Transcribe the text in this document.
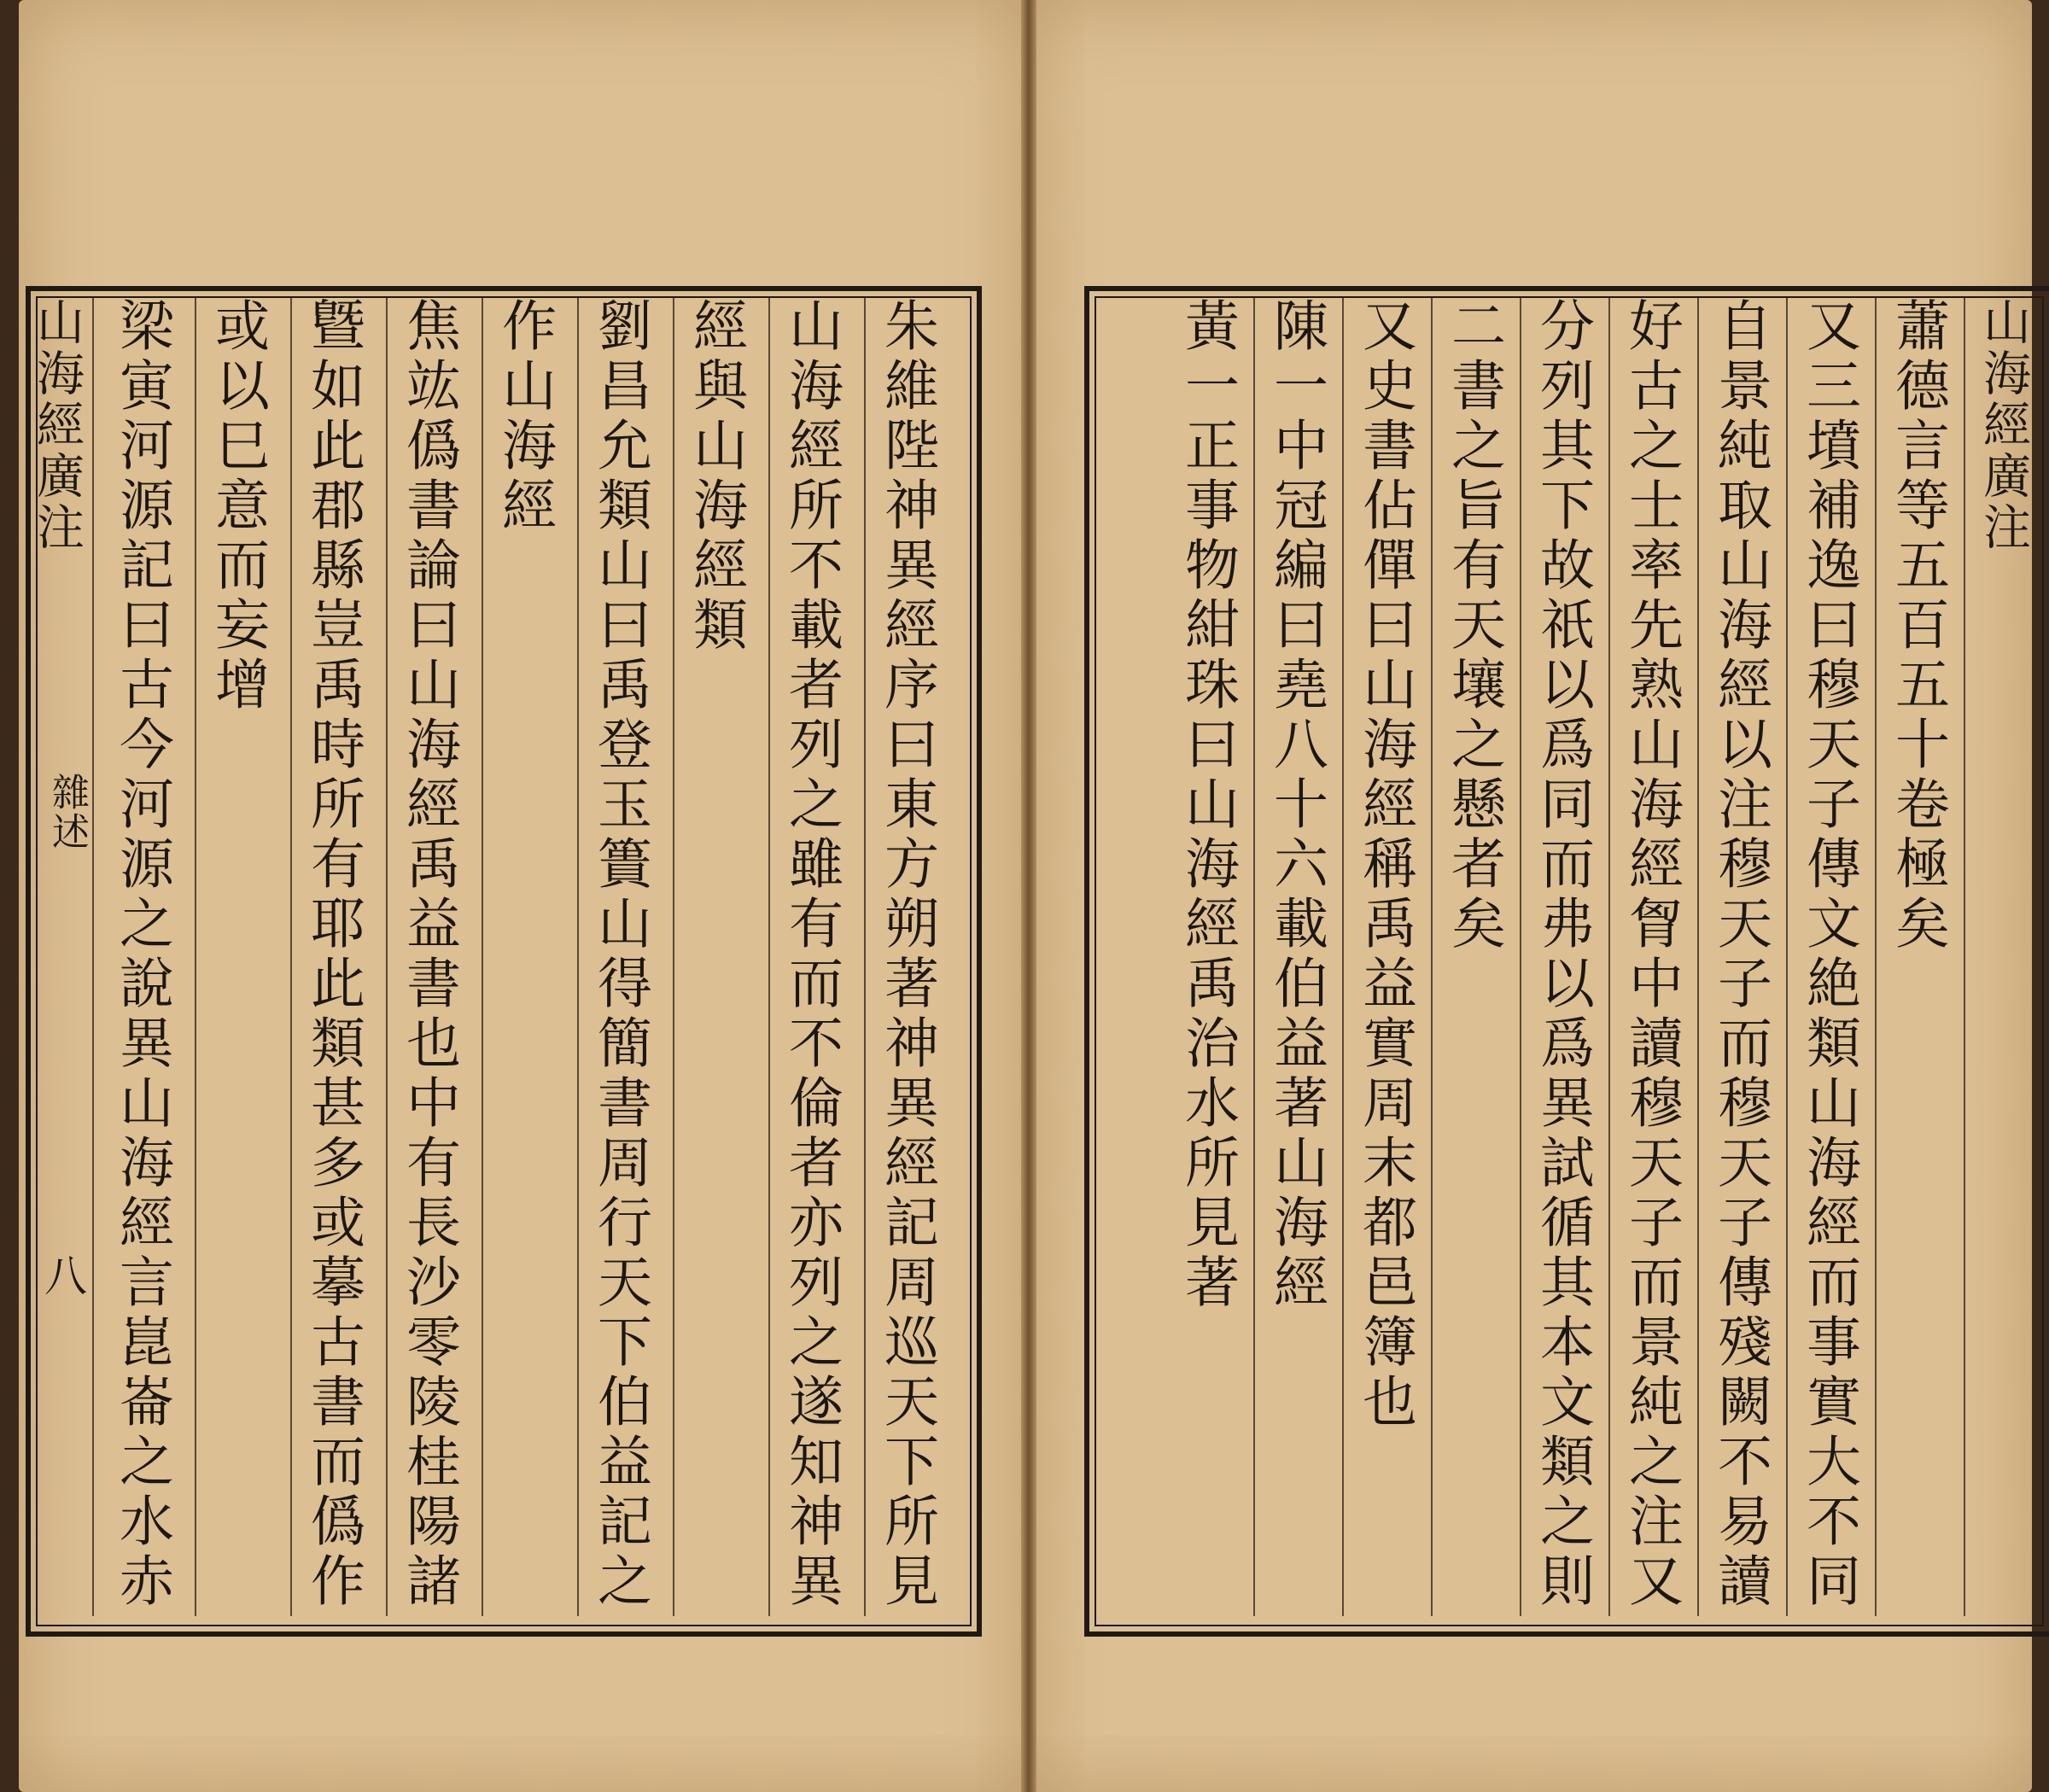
山海經廣注
雜述
八	朱維陛神異經序曰東方朔著神異經記周巡天下所見
山海經所不載者列之雖有而不倫者亦列之遂知神異
經與山海經類
劉昌允類山曰禹登玉簣山得簡書周行天下伯益記之
作山海經
焦竑僞書論曰山海經禹益書也中有長沙零陵桂陽諸
曁如此郡縣豈禹時所有耶此類甚多或摹古書而僞作
或以巳意而妄增
梁寅河源記曰古今河源之說異山海經言崑崙之水赤	山海經廣注
蕭德言等五百五十卷極矣
又三墳補逸曰穆天子傳文絶類山海經而事實大不同
自景純取山海經以注穆天子而穆天子傳殘闕不易讀
好古之士率先熟山海經胷中讀穆天子而景純之注又
分列其下故祇以爲同而弗以爲異試循其本文類之則
二書之旨有天壤之懸者矣
又史書佔僤曰山海經稱禹益實周末都邑簿也
陳一中冠編曰堯八十六載伯益著山海經
黃一正事物紺珠曰山海經禹治水所見著
